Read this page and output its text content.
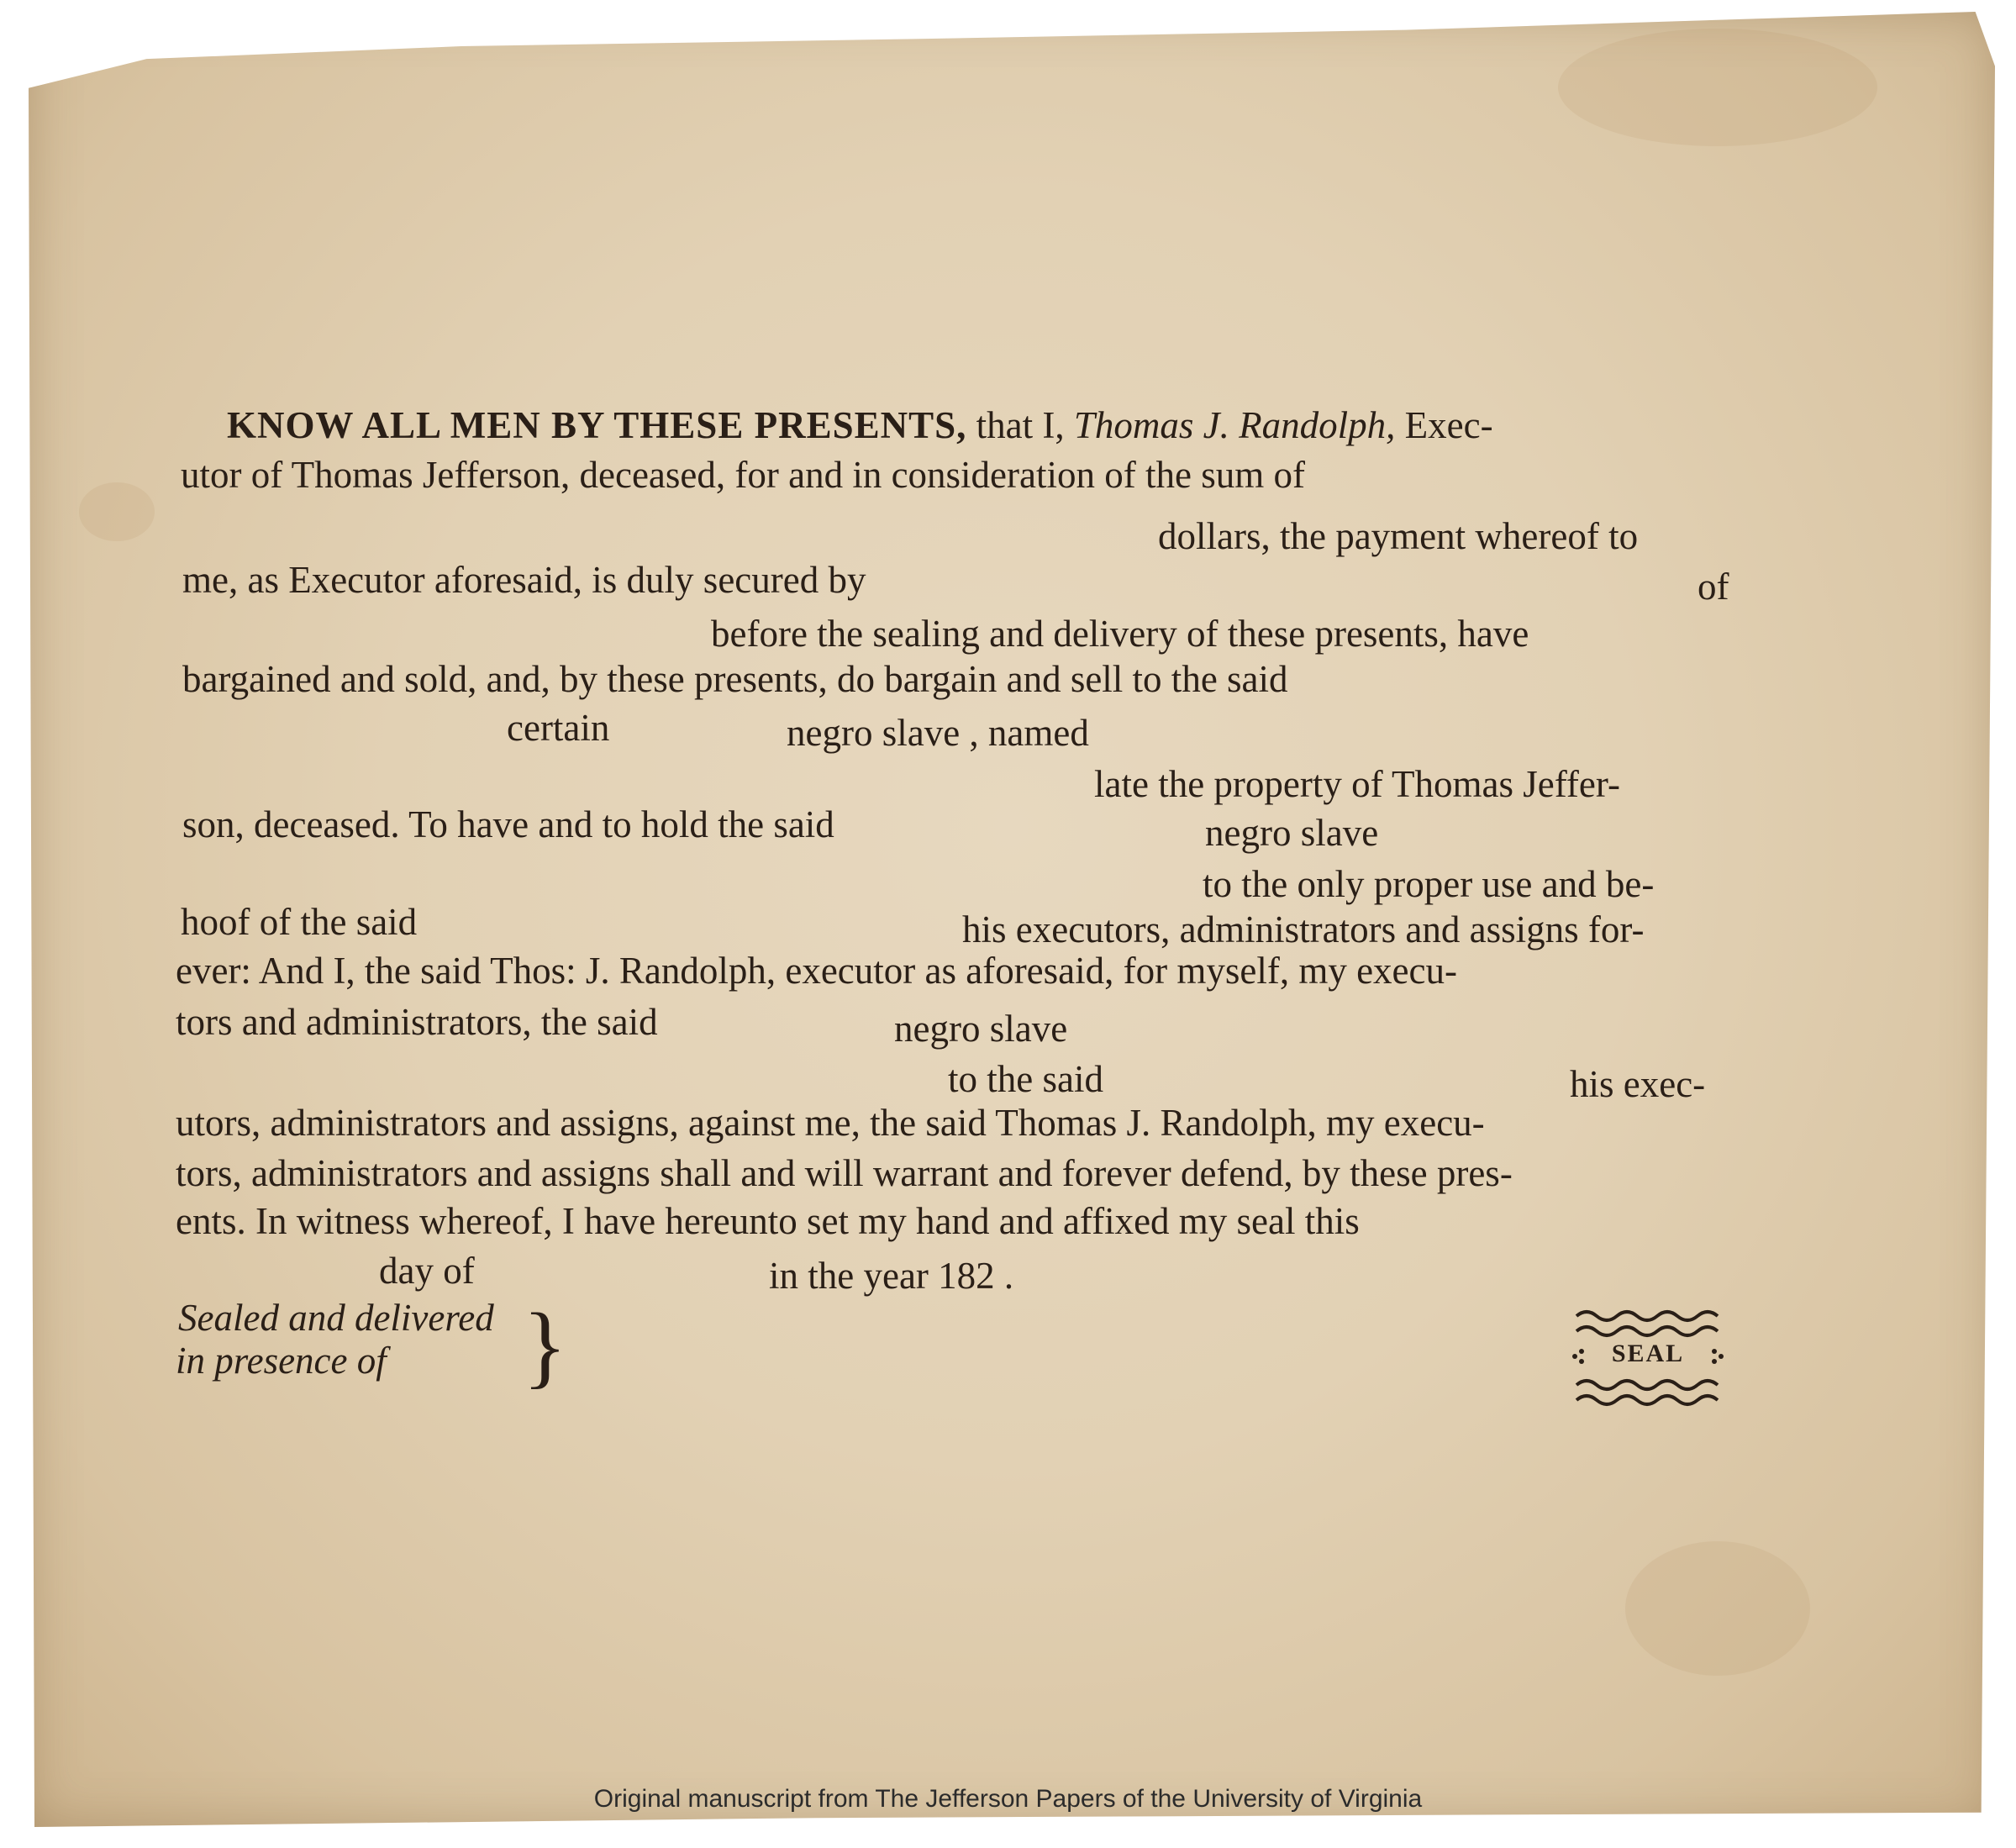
KNOW ALL MEN BY THESE PRESENTS, that I, Thomas J. Randolph, Exec-
utor of Thomas Jefferson, deceased, for and in consideration of the sum of
dollars, the payment whereof to
me, as Executor aforesaid, is duly secured by	of
before the sealing and delivery of these presents, have
bargained and sold, and, by these presents, do bargain and sell to the said
certain	negro slave , named
late the property of Thomas Jeffer-
son, deceased. To have and to hold the said	negro slave
to the only proper use and be-
hoof of the said	his executors, administrators and assigns for-
ever: And I, the said Thos: J. Randolph, executor as aforesaid, for myself, my execu-
tors and administrators, the said	negro slave
to the said	his exec-
utors, administrators and assigns, against me, the said Thomas J. Randolph, my execu-
tors, administrators and assigns shall and will warrant and forever defend, by these pres-
ents. In witness whereof, I have hereunto set my hand and affixed my seal this
day of	in the year 182 .
Sealed and delivered
in presence of }	SEAL
Original manuscript from The Jefferson Papers of the University of Virginia
